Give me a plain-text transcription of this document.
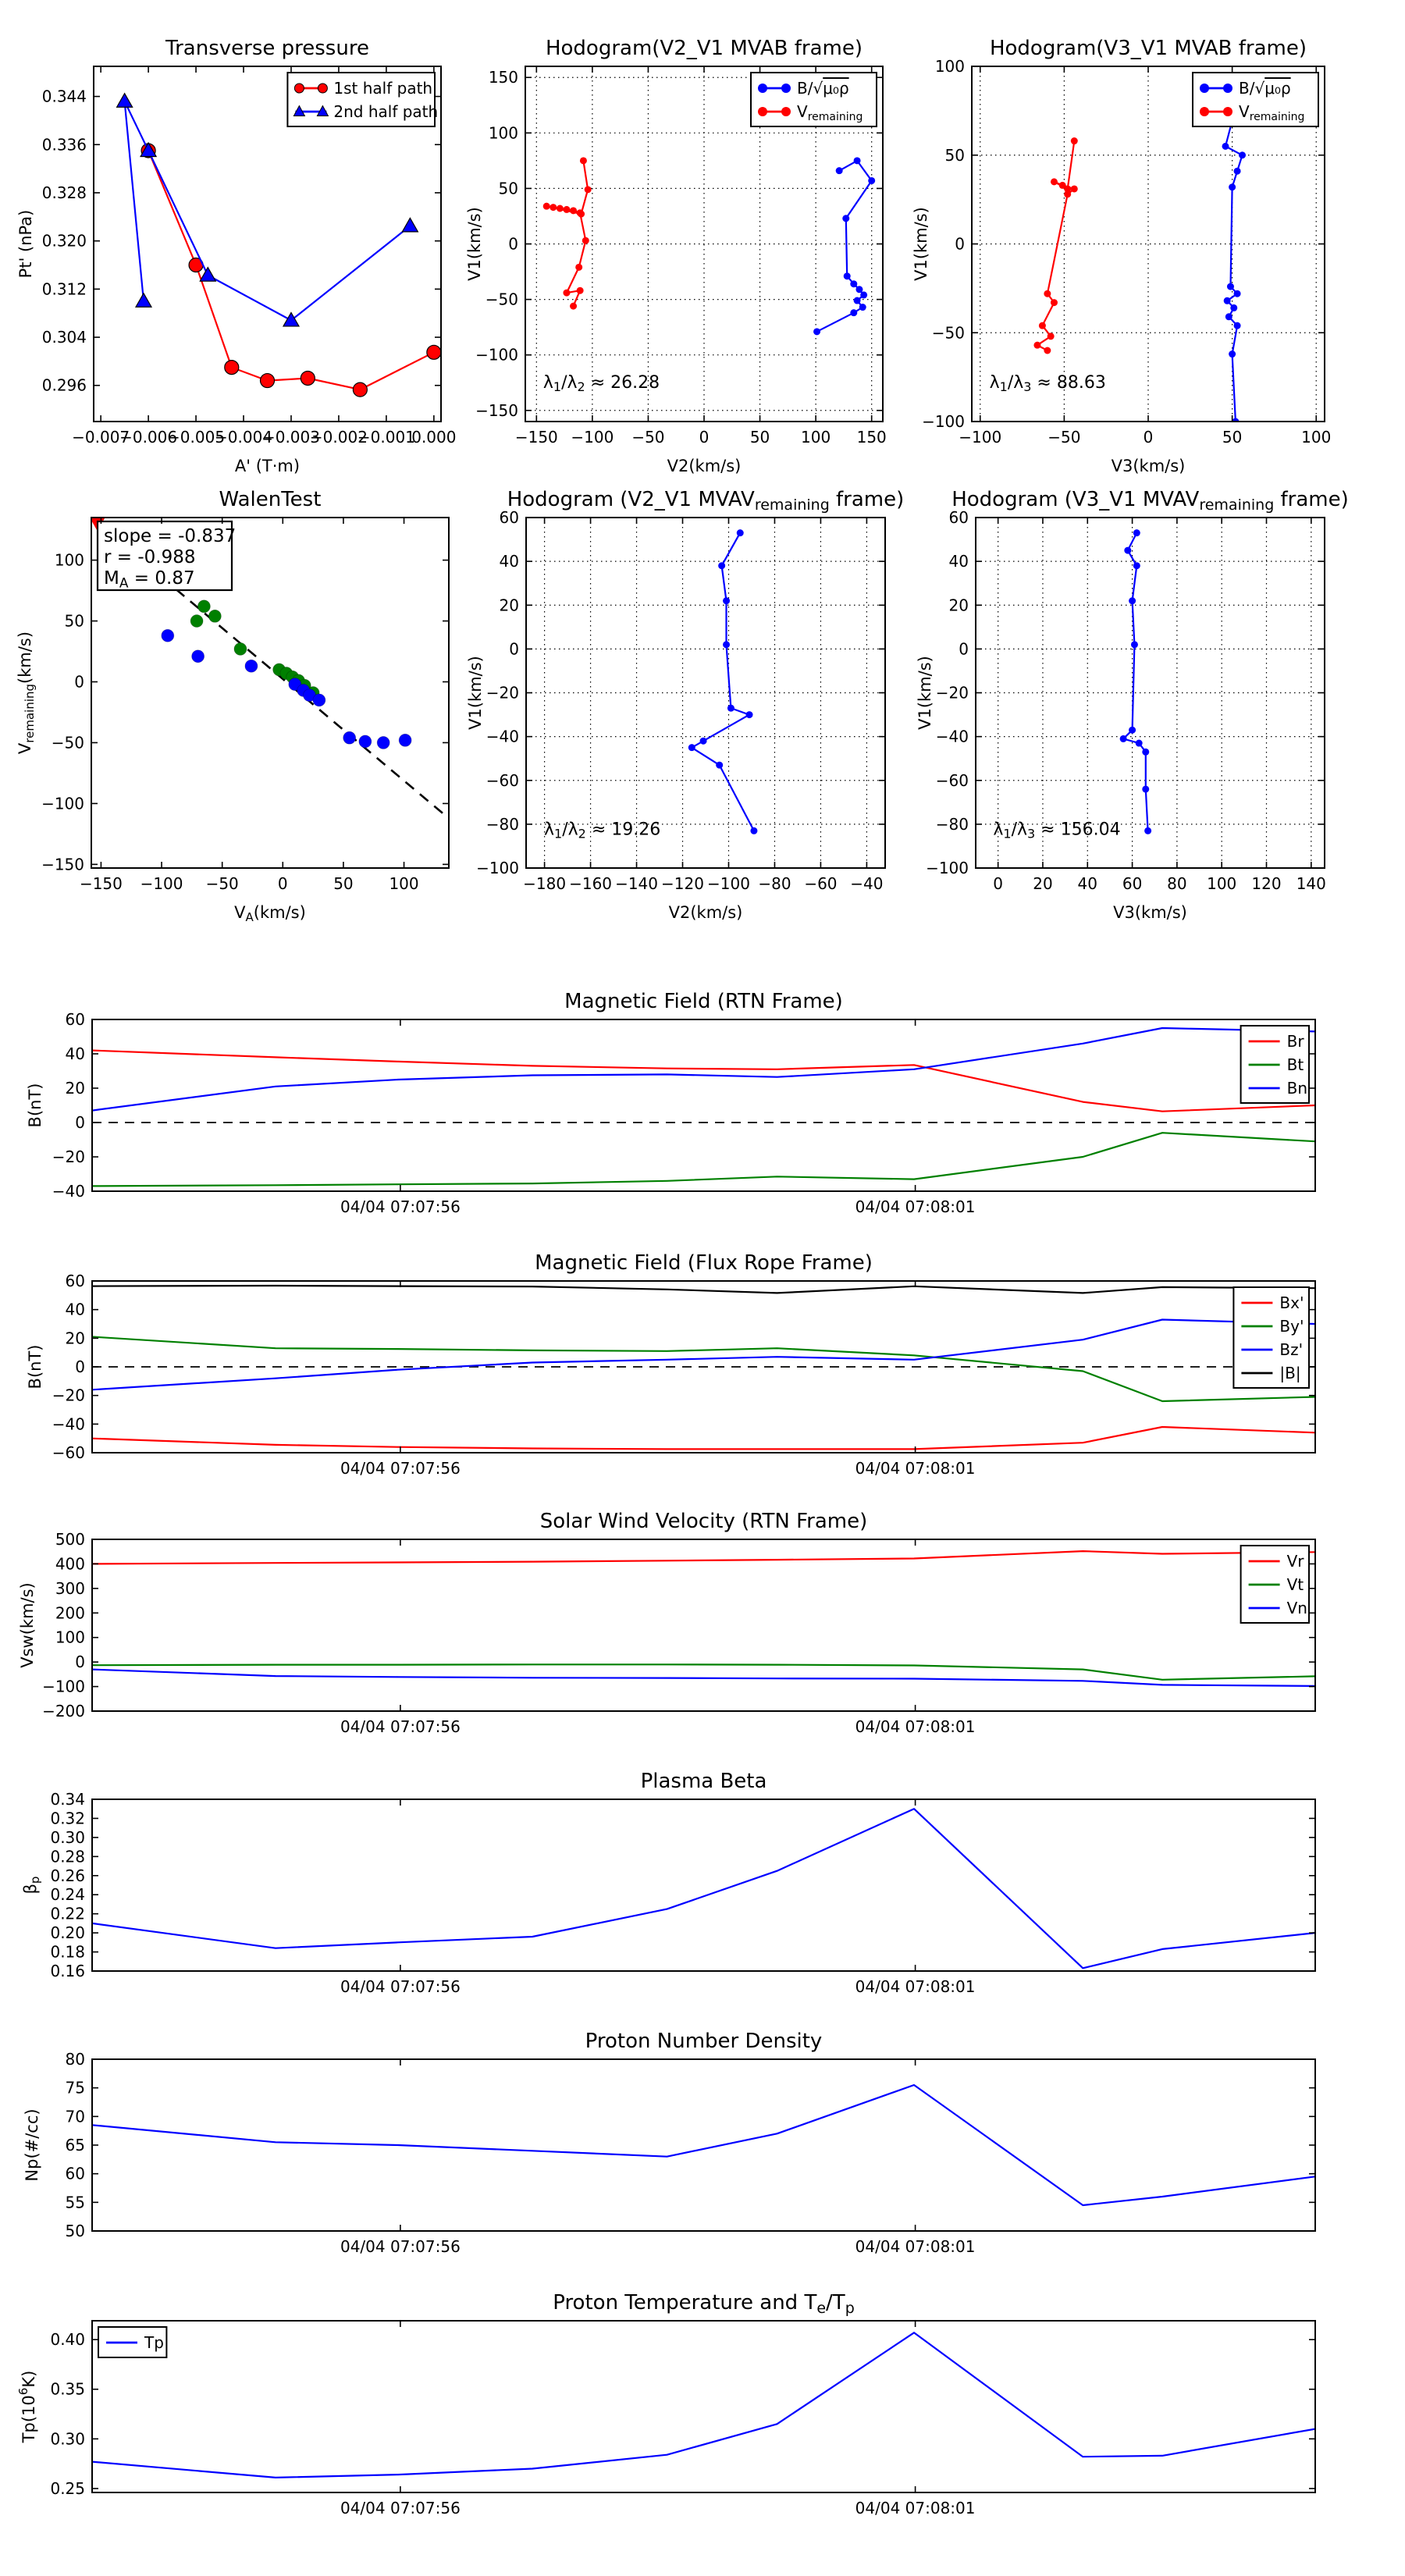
−0.007
−0.006
−0.005
−0.004
−0.003
−0.002
−0.001
0.000
0.296
0.304
0.312
0.320
0.328
0.336
0.344
Transverse pressure
A' (T·m)
Pt' (nPa)
1st half path
2nd half path
$\lambda_1/\lambda_2 \approx 26.28$
−150 −100 −50 0	50 100 150
−150
−100
−50
0
50
100
150
Hodogram(V2_V1 MVAB frame)
V2(km/s)
V1(km/s)
B/√μ₀ρ
$V_{remaining}$
$\lambda_1/\lambda_3 \approx 88.63$
−100	−50	0	50	100
−100
−50
0
50
100
Hodogram(V3_V1 MVAB frame)
V3(km/s)
V1(km/s)
B/√μ₀ρ
$V_{remaining}$
slope = -0.837
r = -0.988
$M_A = 0.87$
−150 −100 −50	0	50 100
−150
−100
−50
0
50
100
WalenTest
$V_A(km/s)$
$V_{remaining}(km/s)$
$\lambda_1/\lambda_2 \approx 19.26$
−180 −160 −140 −120 −100 −80 −60 −40
−100
−80
−60
−40
−20
0
20
40
60
Hodogram (V2_V1 $MVAV_{remaining}$ frame)
V2(km/s)
V1(km/s)
$\lambda_1/\lambda_3 \approx 156.04$
0 20 40 60 80 100 120 140
−100
−80
−60
−40
−20
0
20
40
60
Hodogram (V3_V1 $MVAV_{remaining}$ frame)
V3(km/s)
V1(km/s)
04/04 07:07:56	04/04 07:08:01
−40
−20
0
20
40
60
Magnetic Field (RTN Frame)
B(nT)
Br
Bt
Bn
04/04 07:07:56	04/04 07:08:01
−60
−40
−20
0
20
40
60
Magnetic Field (Flux Rope Frame)
B(nT)
Bx'
By'
Bz'
|B|
04/04 07:07:56	04/04 07:08:01
−200
−100
0
100
200
300
400
500
Solar Wind Velocity (RTN Frame)
Vsw(km/s)
Vr
Vt
Vn
04/04 07:07:56	04/04 07:08:01
0.16
0.18
0.20
0.22
0.24
0.26
0.28
0.30
0.32
0.34
Plasma Beta
$\beta_p$
04/04 07:07:56	04/04 07:08:01
50
55
60
65
70
75
80
Proton Number Density
Np(#/cc)
04/04 07:07:56	04/04 07:08:01
0.25
0.30
0.35
0.40
Proton Temperature and $T_e/T_p$
$Tp(10^6K)$
Tp
